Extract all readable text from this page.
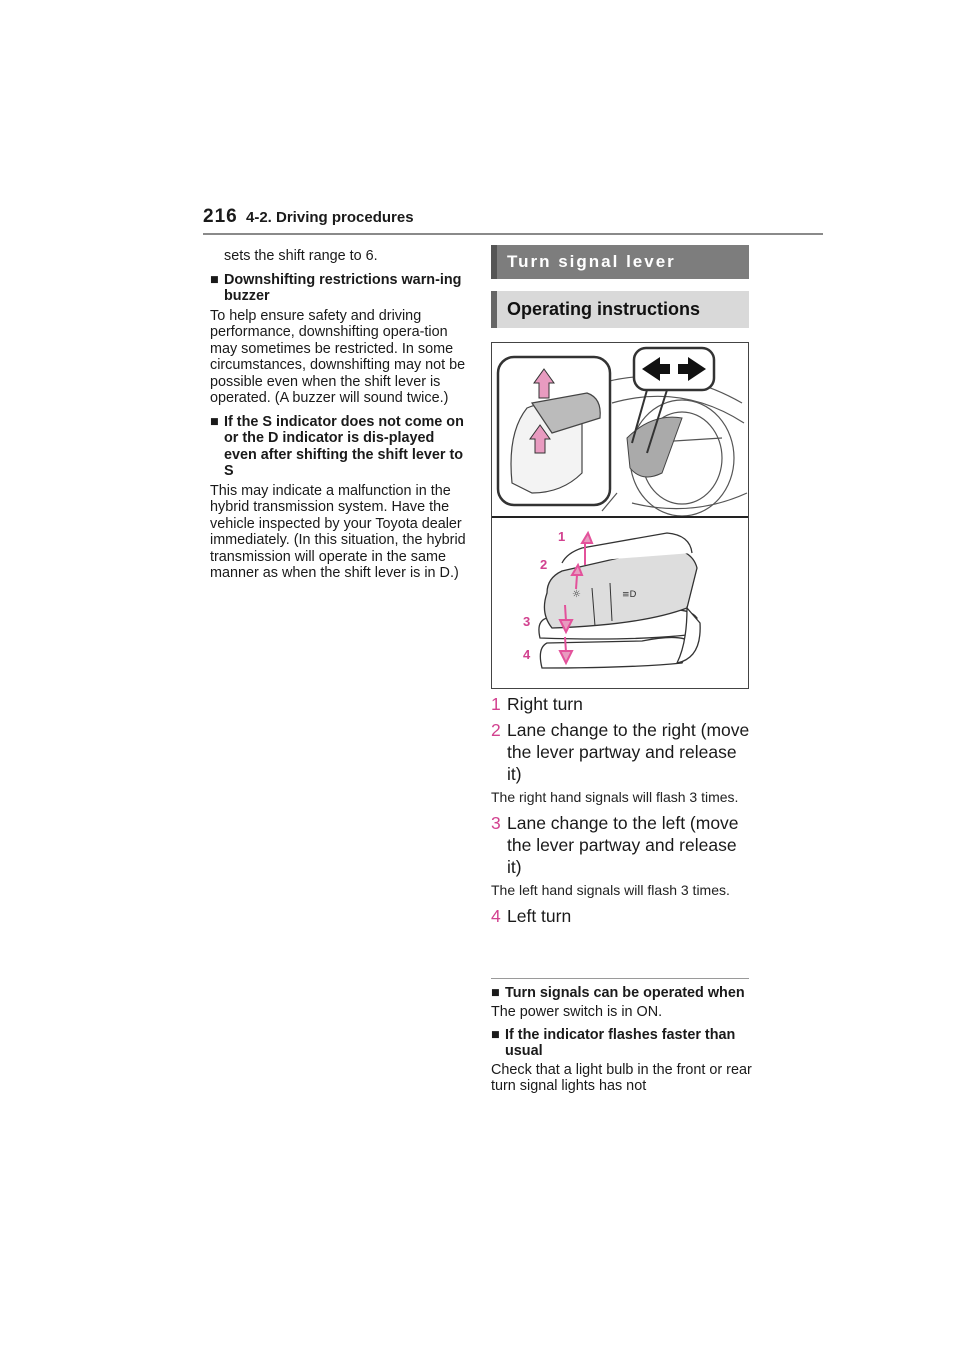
216 4-2. Driving procedures

sets the shift range to 6.

■ Downshifting restrictions warn-ing buzzer

To help ensure safety and driving performance, downshifting opera-tion may sometimes be restricted. In some circumstances, downshifting may not be possible even when the shift lever is operated. (A buzzer will sound twice.)

■ If the S indicator does not come on or the D indicator is dis-played even after shifting the shift lever to S

This may indicate a malfunction in the hybrid transmission system. Have the vehicle inspected by your Toyota dealer immediately. (In this situation, the hybrid transmission will operate in the same manner as when the shift lever is in D.)

Turn signal lever
Operating instructions
☼	≡D
1
2
3
4
1 Right turn
2 Lane change to the right (move the lever partway and release it)

The right hand signals will flash 3 times.

3 Lane change to the left (move the lever partway and release it)

The left hand signals will flash 3 times.

4 Left turn
■ Turn signals can be operated when

The power switch is in ON.

■ If the indicator flashes faster than usual

Check that a light bulb in the front or rear turn signal lights has not
